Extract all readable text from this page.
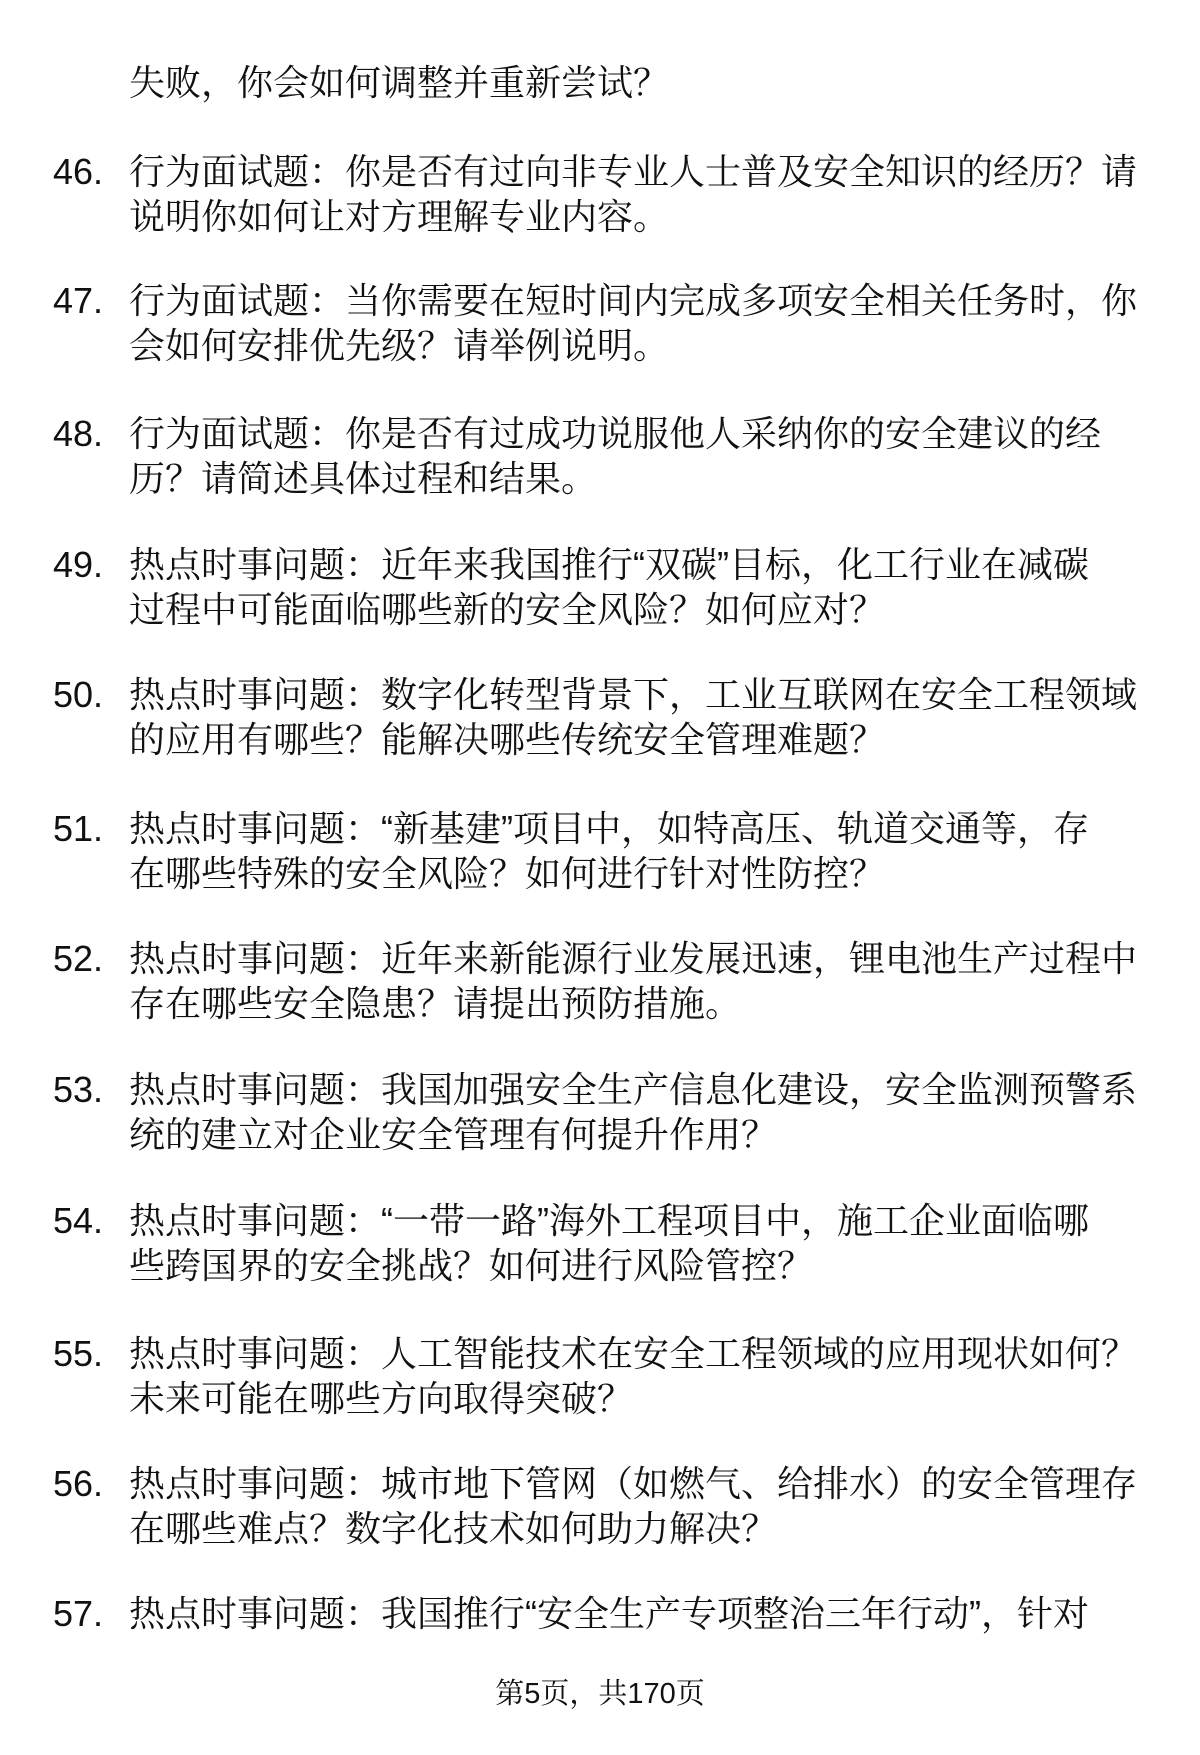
失败，你会如何调整并重新尝试？
46. 行为面试题：你是否有过向非专业人士普及安全知识的经历？请
说明你如何让对方理解专业内容。
47. 行为面试题：当你需要在短时间内完成多项安全相关任务时，你
会如何安排优先级？请举例说明。
48. 行为面试题：你是否有过成功说服他人采纳你的安全建议的经
历？请简述具体过程和结果。
49. 热点时事问题：近年来我国推行“双碳”目标，化工行业在减碳
过程中可能面临哪些新的安全风险？如何应对？
50. 热点时事问题：数字化转型背景下，工业互联网在安全工程领域
的应用有哪些？能解决哪些传统安全管理难题？
51. 热点时事问题：“新基建”项目中，如特高压、轨道交通等，存
在哪些特殊的安全风险？如何进行针对性防控？
52. 热点时事问题：近年来新能源行业发展迅速，锂电池生产过程中
存在哪些安全隐患？请提出预防措施。
53. 热点时事问题：我国加强安全生产信息化建设，安全监测预警系
统的建立对企业安全管理有何提升作用？
54. 热点时事问题：“一带一路”海外工程项目中，施工企业面临哪
些跨国界的安全挑战？如何进行风险管控？
55. 热点时事问题：人工智能技术在安全工程领域的应用现状如何？
未来可能在哪些方向取得突破？
56. 热点时事问题：城市地下管网（如燃气、给排水）的安全管理存
在哪些难点？数字化技术如何助力解决？
57. 热点时事问题：我国推行“安全生产专项整治三年行动”，针对
第5页，共170页
